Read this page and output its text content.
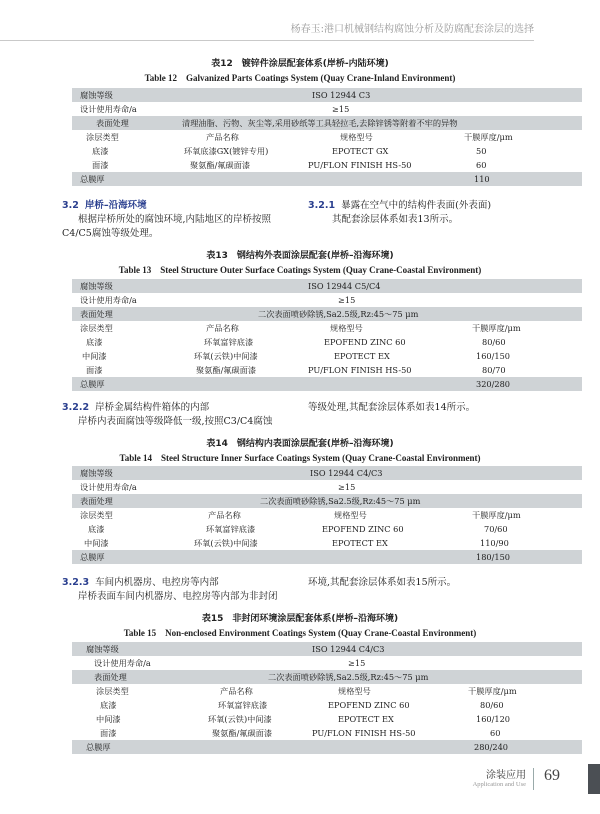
杨春玉:港口机械钢结构腐蚀分析及防腐配套涂层的选择
表12　镀锌件涂层配套体系(岸桥-内陆环境)
Table 12　Galvanized Parts Coatings System (Quay Crane-Inland Environment)
腐蚀等级	ISO 12944 C3
设计使用寿命/a	≥15
表面处理	清理油脂、污物、灰尘等,采用砂纸等工具轻拉毛,去除锌锈等附着不牢的异物
涂层类型	产品名称	规格型号	干膜厚度/μm
底漆	环氧底漆GX(镀锌专用)	EPOTECT GX	50
面漆	聚氨酯/氟碳面漆	PU/FLON FINISH HS-50	60
总膜厚	110
3.2 岸桥–沿海环境
根据岸桥所处的腐蚀环境,内陆地区的岸桥按照
C4/C5腐蚀等级处理。
3.2.1 暴露在空气中的结构件表面(外表面)
其配套涂层体系如表13所示。
表13　钢结构外表面涂层配套(岸桥–沿海环境)
Table 13　Steel Structure Outer Surface Coatings System (Quay Crane-Coastal Environment)
腐蚀等级	ISO 12944 C5/C4
设计使用寿命/a	≥15
表面处理	二次表面喷砂除锈,Sa2.5级,Rz:45～75 μm
涂层类型	产品名称	规格型号	干膜厚度/μm
底漆	环氧富锌底漆	EPOFEND ZINC 60	80/60
中间漆	环氧(云铁)中间漆	EPOTECT EX	160/150
面漆	聚氨酯/氟碳面漆	PU/FLON FINISH HS-50	80/70
总膜厚	320/280
3.2.2 岸桥金属结构件箱体的内部
岸桥内表面腐蚀等级降低一级,按照C3/C4腐蚀
等级处理,其配套涂层体系如表14所示。
表14　钢结构内表面涂层配套(岸桥–沿海环境)
Table 14　Steel Structure Inner Surface Coatings System (Quay Crane-Coastal Environment)
腐蚀等级	ISO 12944 C4/C3
设计使用寿命/a	≥15
表面处理	二次表面喷砂除锈,Sa2.5级,Rz:45～75 μm
涂层类型	产品名称	规格型号	干膜厚度/μm
底漆	环氧富锌底漆	EPOFEND ZINC 60	70/60
中间漆	环氧(云铁)中间漆	EPOTECT EX	110/90
总膜厚	180/150
3.2.3 车间内机器房、电控房等内部
岸桥表面车间内机器房、电控房等内部为非封闭
环境,其配套涂层体系如表15所示。
表15　非封闭环境涂层配套体系(岸桥–沿海环境)
Table 15　Non-enclosed Environment Coatings System (Quay Crane-Coastal Environment)
腐蚀等级	ISO 12944 C4/C3
设计使用寿命/a	≥15
表面处理	二次表面喷砂除锈,Sa2.5级,Rz:45～75 μm
涂层类型	产品名称	规格型号	干膜厚度/μm
底漆	环氧富锌底漆	EPOFEND ZINC 60	80/60
中间漆	环氧(云铁)中间漆	EPOTECT EX	160/120
面漆	聚氨酯/氟碳面漆	PU/FLON FINISH HS-50	60
总膜厚	280/240
涂装应用
Application and Use
69
